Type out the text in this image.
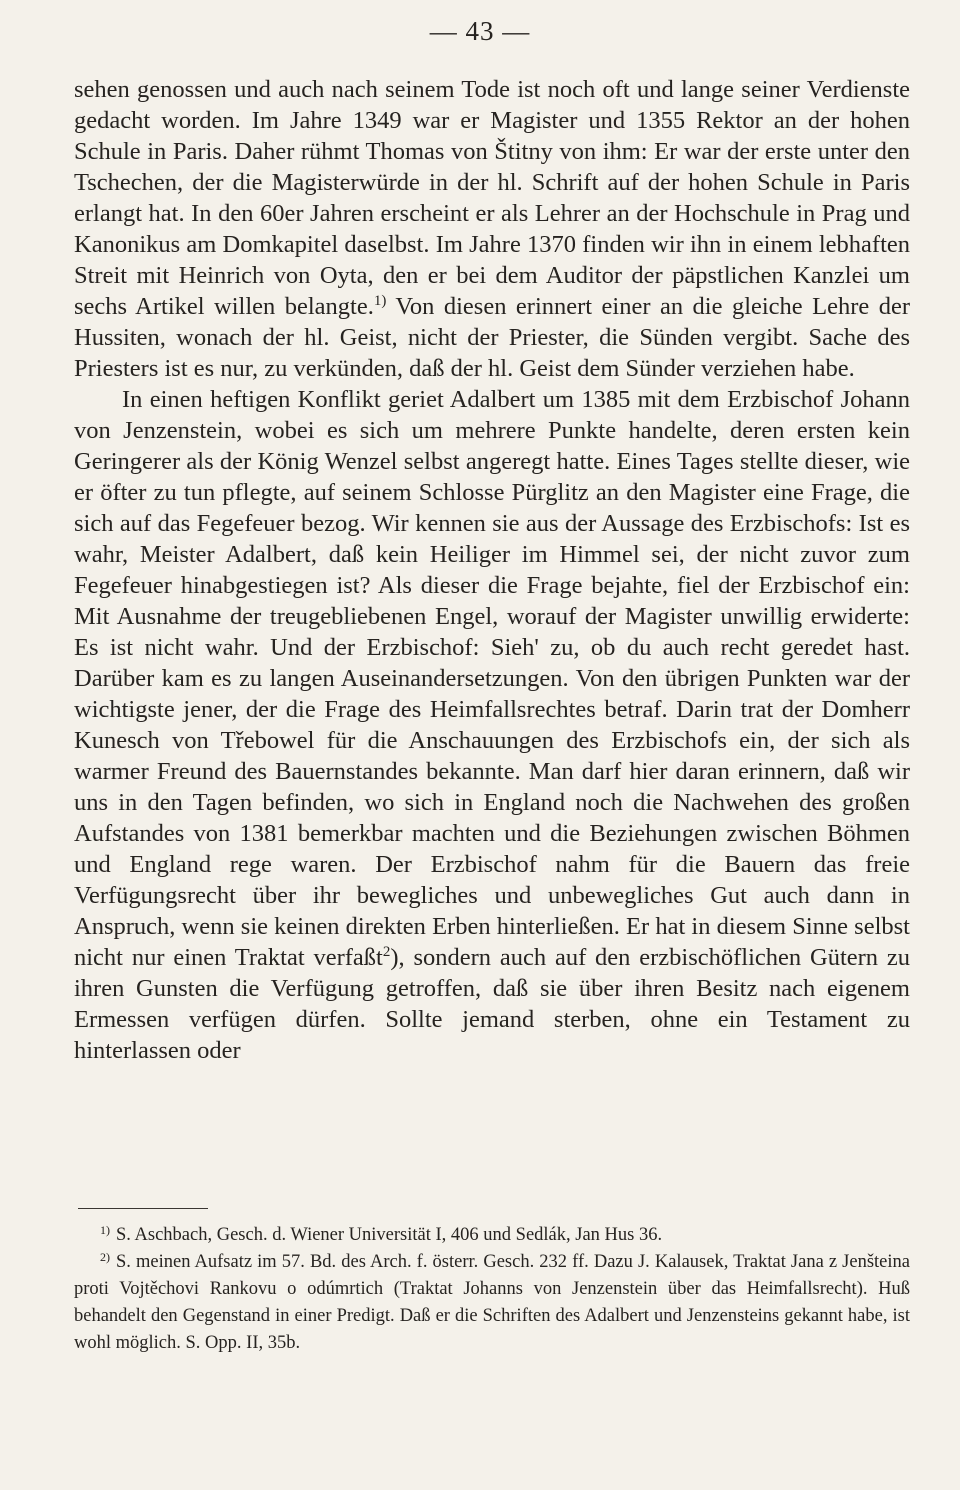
— 43 —

sehen genossen und auch nach seinem Tode ist noch oft und lange seiner Verdienste gedacht worden. Im Jahre 1349 war er Magister und 1355 Rektor an der hohen Schule in Paris. Daher rühmt Thomas von Štitny von ihm: Er war der erste unter den Tschechen, der die Magisterwürde in der hl. Schrift auf der hohen Schule in Paris erlangt hat. In den 60er Jahren erscheint er als Lehrer an der Hochschule in Prag und Kanonikus am Domkapitel daselbst. Im Jahre 1370 finden wir ihn in einem lebhaften Streit mit Heinrich von Oyta, den er bei dem Auditor der päpstlichen Kanzlei um sechs Artikel willen belangte.$^{1)}$ Von diesen erinnert einer an die gleiche Lehre der Hussiten, wonach der hl. Geist, nicht der Priester, die Sünden vergibt. Sache des Priesters ist es nur, zu verkünden, daß der hl. Geist dem Sünder verziehen habe.

In einen heftigen Konflikt geriet Adalbert um 1385 mit dem Erzbischof Johann von Jenzenstein, wobei es sich um mehrere Punkte handelte, deren ersten kein Geringerer als der König Wenzel selbst angeregt hatte. Eines Tages stellte dieser, wie er öfter zu tun pflegte, auf seinem Schlosse Pürglitz an den Magister eine Frage, die sich auf das Fegefeuer bezog. Wir kennen sie aus der Aussage des Erzbischofs: Ist es wahr, Meister Adalbert, daß kein Heiliger im Himmel sei, der nicht zuvor zum Fegefeuer hinabgestiegen ist? Als dieser die Frage bejahte, fiel der Erzbischof ein: Mit Ausnahme der treugebliebenen Engel, worauf der Magister unwillig erwiderte: Es ist nicht wahr. Und der Erzbischof: Sieh' zu, ob du auch recht geredet hast. Darüber kam es zu langen Auseinandersetzungen. Von den übrigen Punkten war der wichtigste jener, der die Frage des Heimfallsrechtes betraf. Darin trat der Domherr Kunesch von Třebowel für die Anschauungen des Erzbischofs ein, der sich als warmer Freund des Bauernstandes bekannte. Man darf hier daran erinnern, daß wir uns in den Tagen befinden, wo sich in England noch die Nachwehen des großen Aufstandes von 1381 bemerkbar machten und die Beziehungen zwischen Böhmen und England rege waren. Der Erzbischof nahm für die Bauern das freie Verfügungsrecht über ihr bewegliches und unbewegliches Gut auch dann in Anspruch, wenn sie keinen direkten Erben hinterließen. Er hat in diesem Sinne selbst nicht nur einen Traktat verfaßt$^2$), sondern auch auf den erzbischöflichen Gütern zu ihren Gunsten die Verfügung getroffen, daß sie über ihren Besitz nach eigenem Ermessen verfügen dürfen. Sollte jemand sterben, ohne ein Testament zu hinterlassen oder

$^{1)}$ S. Aschbach, Gesch. d. Wiener Universität I, 406 und Sedlák, Jan Hus 36.

$^{2)}$ S. meinen Aufsatz im 57. Bd. des Arch. f. österr. Gesch. 232 ff. Dazu J. Kalausek, Traktat Jana z Jenšteina proti Vojtěchovi Rankovu o odúmrtich (Traktat Johanns von Jenzenstein über das Heimfallsrecht). Huß behandelt den Gegenstand in einer Predigt. Daß er die Schriften des Adalbert und Jenzensteins gekannt habe, ist wohl möglich. S. Opp. II, 35b.
